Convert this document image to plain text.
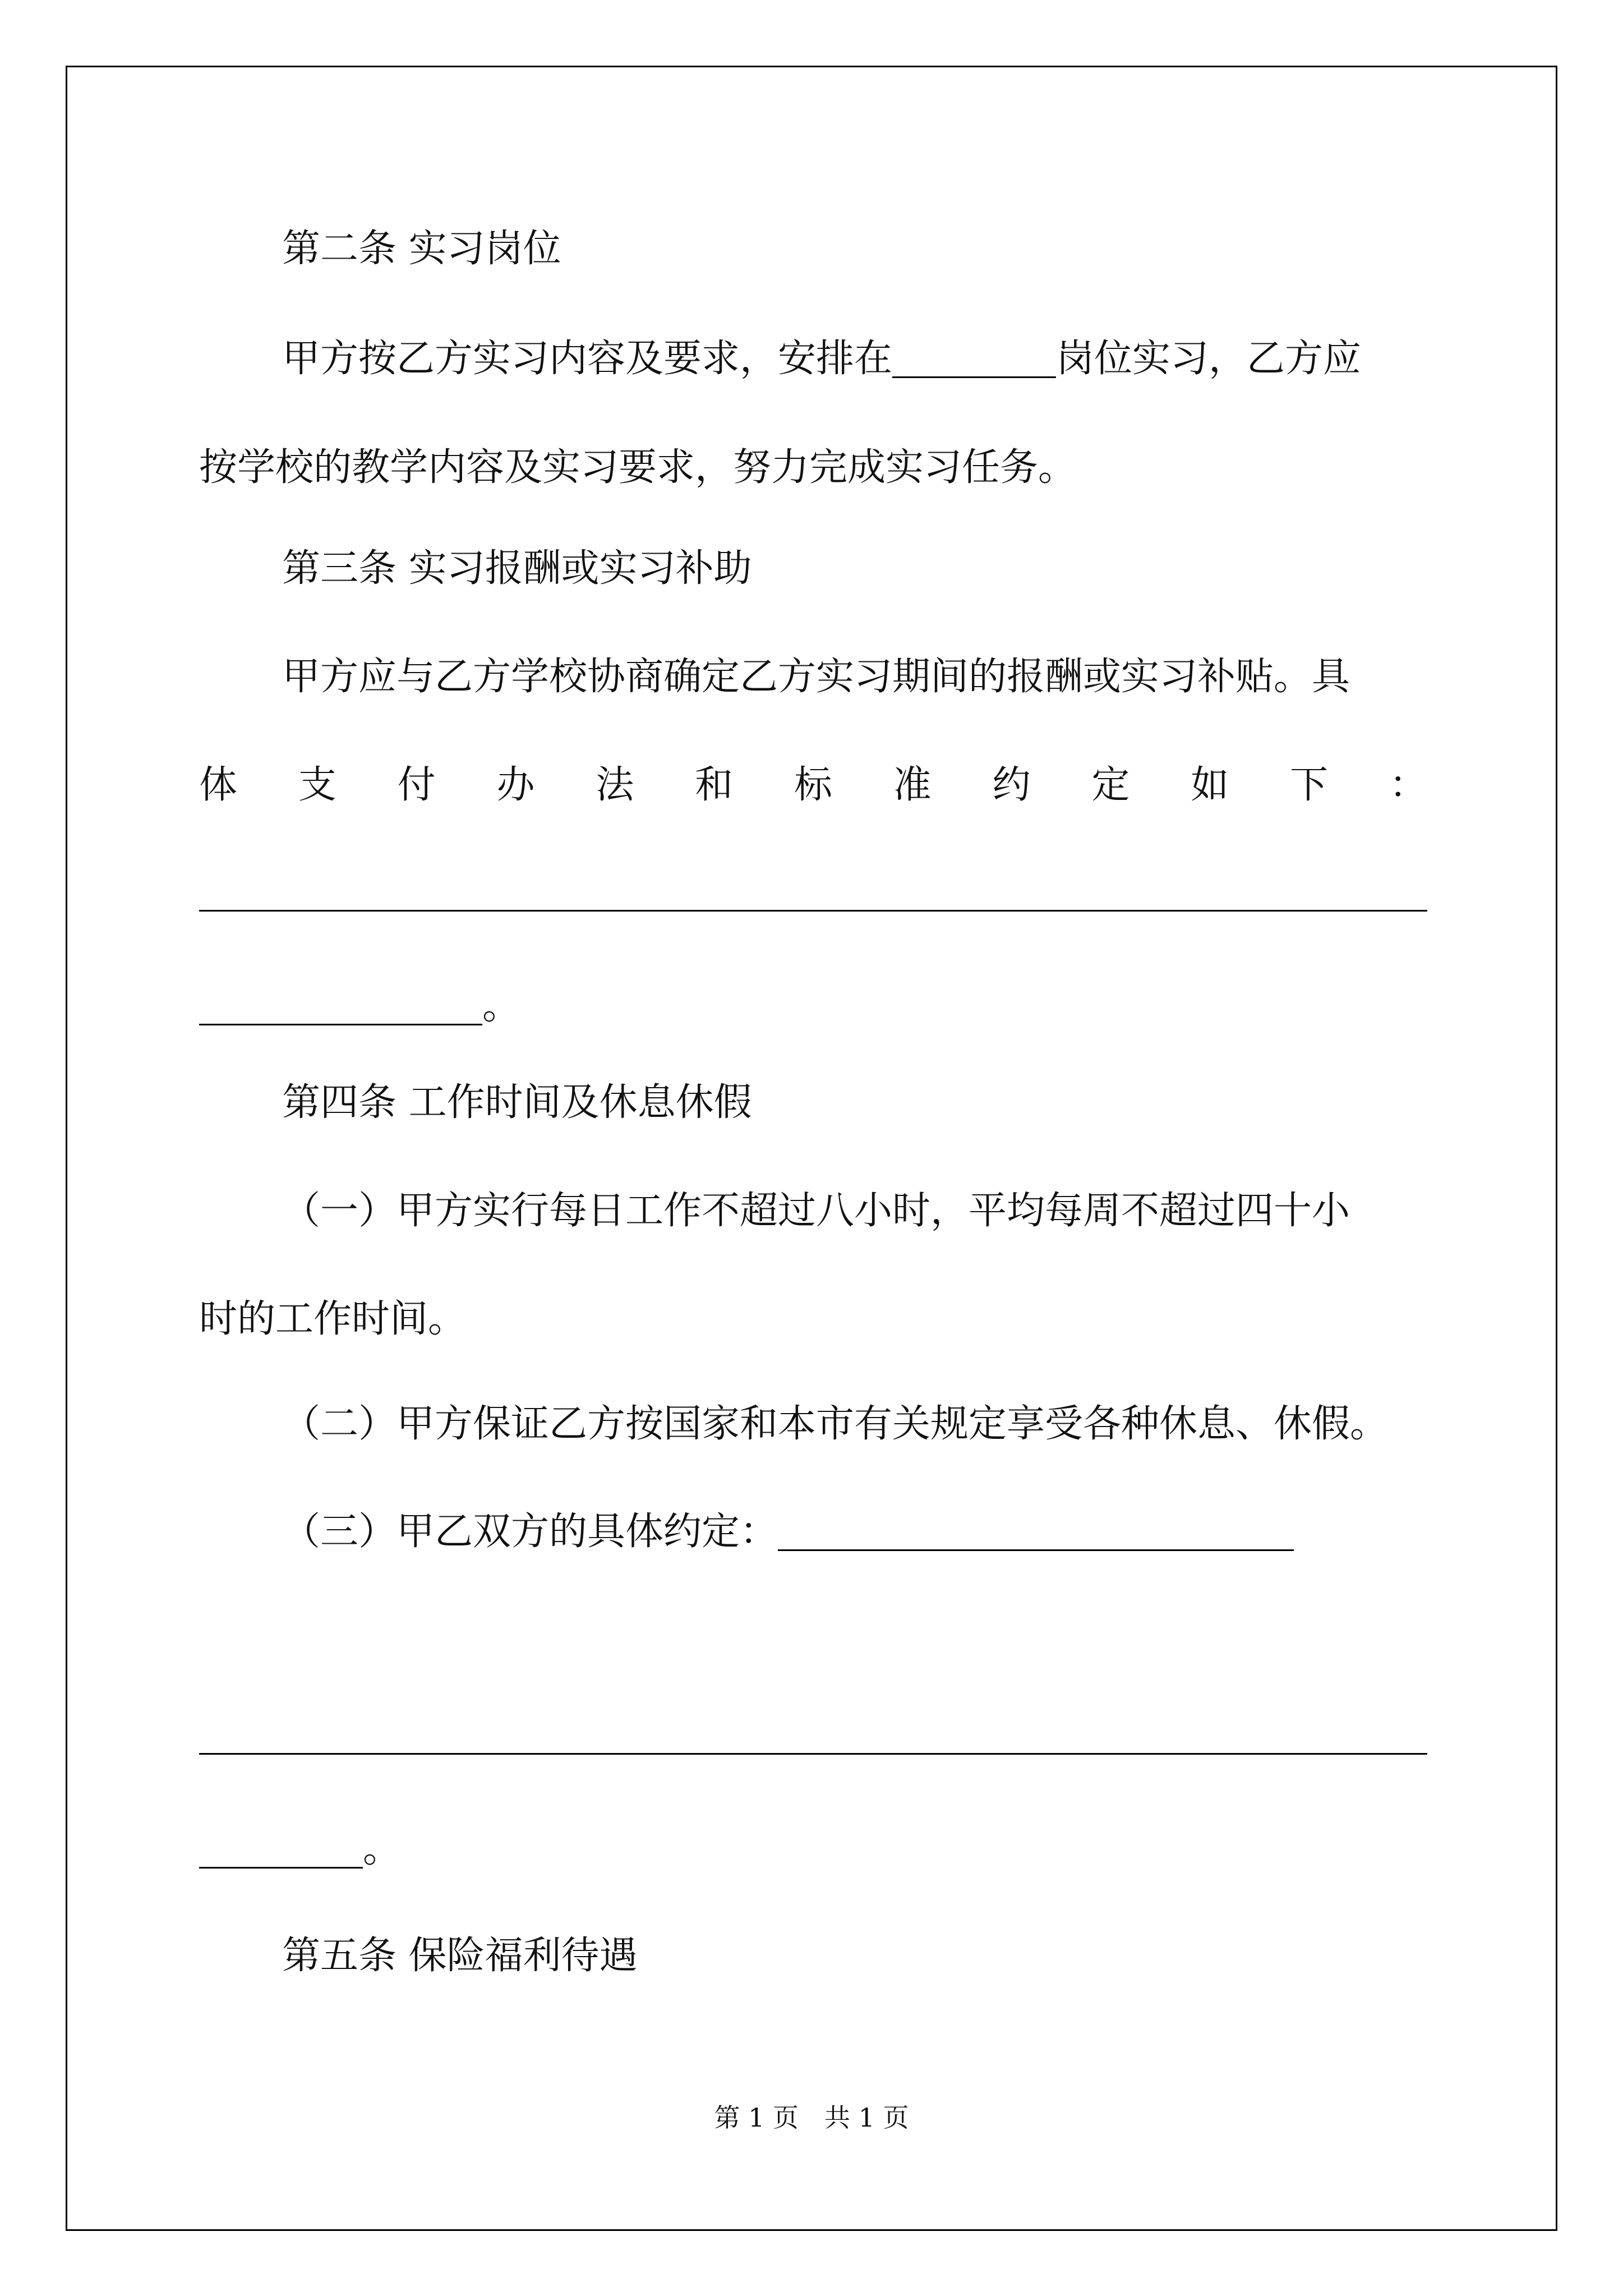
第二条 实习岗位
甲方按乙方实习内容及要求，安排在	岗位实习，乙方应
按学校的教学内容及实习要求，努力完成实习任务。
第三条 实习报酬或实习补助
甲方应与乙方学校协商确定乙方实习期间的报酬或实习补贴。具
体 支 付 办 法 和 标 准 约 定 如 下 ：
。
第四条 工作时间及休息休假
（一）甲方实行每日工作不超过八小时，平均每周不超过四十小
时的工作时间。
（二）甲方保证乙方按国家和本市有关规定享受各种休息、休假。
（三）甲乙双方的具体约定：
。
第五条 保险福利待遇
第 1 页　共 1 页
